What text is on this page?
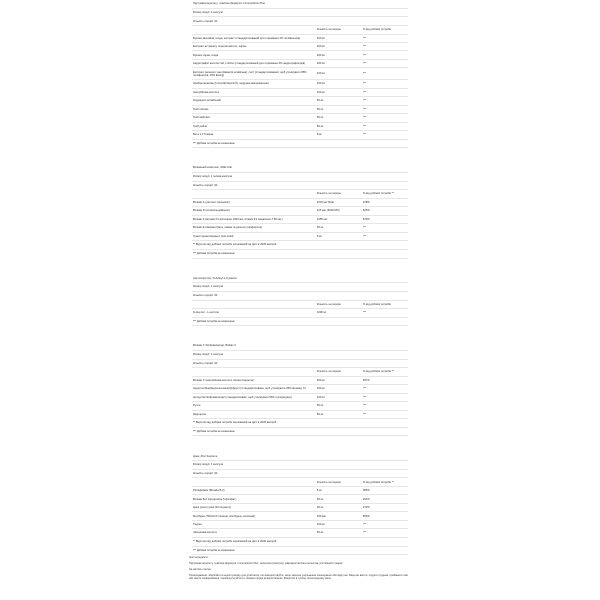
Підтримка імунітету, трав'яна формула, Immunoforce Plus
Розмір порції: 4 капсули
Кількість порцій: 30
	Кількість на порцію	% від добової потреби
Бузина звичайна, ягода, екстракт (стандартизований для отримання 4% поліфенолів)	400 мг	***
Екстракт астрагалу перетинчастого, корінь	200 мг	***
Бузина чорна, ягода	200 мг	***
Андрографіс волотистий, стебло (стандартизований для отримання 4% андрографолідів)	200 мг	***
Екстракт зеленого чаю (Камелія китайська), лист (стандартизований, щоб утримувати 95% поліфенолів, 45% EGCg)	100 мг	***
Арабіногалактан (ImmunEnhancer®), модрина американська	100 мг	***
Аскорбінова кислота	100 мг	***
Кордицепс китайський	50 мг	***
Гриб шіїтаке	50 мг	***
Гриб майтаке	50 мг	***
Гриб рейші	50 мг	***
Бета 1,3 Глюкан	8 мг	***
*** Добова потреба не визначена.
Вітамінний комплекс, ADE Oral
Розмір порції: 1 гелева капсула
Кількість порцій: 30
	Кількість на порцію	% від добової потреби **
Вітамін А (ретинол пальмітат)	1515 мкг RAE	168%
Вітамін D (холекальциферол)	125 мкг (5000 МО)	625%
Вітамін K (вітамін K1 філохінон 1000 мкг, вітамін K2 менахінон-7 55 мкг)	1055 мкг	879%
Вітамін E (змішані (бета, гамма та дельта) токофероли)	50 мг	***
Транс-геранілгеранол (GG-Gold)	5 мг	***
** Відсоток від добової потреби заснований на дієті в 2000 калорій.
*** Добова потреба не визначена.
Ацетилцистеїн, N-Acetyl-L-Cysteine
Розмір порції: 1 капсула
Кількість порцій: 30
	Кількість на порцію	% від добової потреби
N-Ацетил - L-цистеїн	1000 мг	***
*** Добова потреба не визначена.
Вітамін С біофлавоноїди, Bioflav C
Розмір порції: 1 капсула
Кількість порцій: 30
	Кількість на порцію	% від добової потреби **
Вітамін С (аскорбінова кислота, вишня Ацерола)	600 мг	667%
Ацерола (Барбадоська вишня)(фрукт) (стандартизована, щоб утримувати 25% вітаміну C)	200 мг	***
Цитрусові біофлавоноїди (стандартизовані, щоб утримувати 50% гесперидину)	100 мг	***
Рутин	50 мг	***
Кверцетин	50 мг	***
** Відсоток від добової потреби заснований на дієті в 2000 калорій.
*** Добова потреба не визначена.
Цинк, Zinc Supreme
Розмір порції: 1 капсула
Кількість порцій: 30
	Кількість на порцію	% від добової потреби **
Рибофлавін (Вітамін В-2)	5 мг	385%
Вітамін В-6 (піридоксин-5-фосфат)	50 мг	294%
Цинк (хелат цинк-бісгліцинату)	30 мг	273%
Молібден (TRAACS гліцинат молібдену хелатний)	250 мкг	556%
Таурин	400 мг	***
Часникова кислота	50 мг	***
** Відсоток від добової потреби заснований на дієті в 2000 калорій.
*** Добова потреба не визначена.

Інші інгредієнти:

Підтримка імунітету, трав'яна формула, Immunoforce Plus: целюлоза (капсула), мікрокристалічна целюлоза, рослинний стеарат.

Не містить глютен.

Попередження: зберігайте в недоступному для дітей місці. Не використовуйте, якщо захисне ущільнення пошкоджено або відсутнє. Якщо ви вагітні, годуєте грудьми, приймаєте ліки або маєте захворювання, проконсультуйтеся з лікарем перед використанням. Зберігати в сухому прохолодному місці.
